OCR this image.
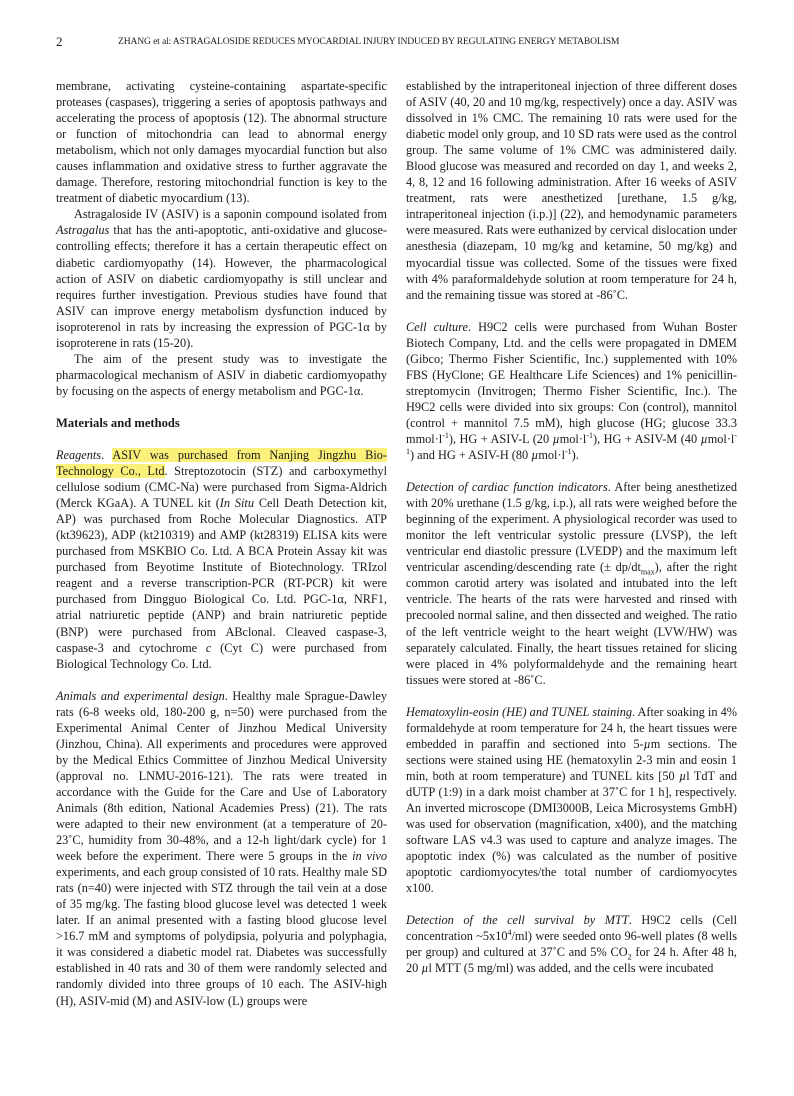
2	ZHANG et al: ASTRAGALOSIDE REDUCES MYOCARDIAL INJURY INDUCED BY REGULATING ENERGY METABOLISM

membrane, activating cysteine-containing aspartate-specific proteases (caspases), triggering a series of apoptosis pathways and accelerating the process of apoptosis (12). The abnormal structure or function of mitochondria can lead to abnormal energy metabolism, which not only damages myocardial function but also causes inflammation and oxidative stress to further aggravate the damage. Therefore, restoring mitochondrial function is key to the treatment of diabetic myocardium (13).

Astragaloside IV (ASIV) is a saponin compound isolated from Astragalus that has the anti-apoptotic, anti-oxidative and glucose-controlling effects; therefore it has a certain therapeutic effect on diabetic cardiomyopathy (14). However, the pharmacological action of ASIV on diabetic cardiomyopathy is still unclear and requires further investigation. Previous studies have found that ASIV can improve energy metabolism dysfunction induced by isoproterenol in rats by increasing the expression of PGC-1α by isoproterene in rats (15-20).

The aim of the present study was to investigate the pharmacological mechanism of ASIV in diabetic cardiomyopathy by focusing on the aspects of energy metabolism and PGC-1α.

Materials and methods

Reagents. ASIV was purchased from Nanjing Jingzhu Bio-Technology Co., Ltd. Streptozotocin (STZ) and carboxymethyl cellulose sodium (CMC-Na) were purchased from Sigma-Aldrich (Merck KGaA). A TUNEL kit (In Situ Cell Death Detection kit, AP) was purchased from Roche Molecular Diagnostics. ATP (kt39623), ADP (kt210319) and AMP (kt28319) ELISA kits were purchased from MSKBIO Co. Ltd. A BCA Protein Assay kit was purchased from Beyotime Institute of Biotechnology. TRIzol reagent and a reverse transcription-PCR (RT-PCR) kit were purchased from Dingguo Biological Co. Ltd. PGC-1α, NRF1, atrial natriuretic peptide (ANP) and brain natriuretic peptide (BNP) were purchased from ABclonal. Cleaved caspase-3, caspase-3 and cytochrome c (Cyt C) were purchased from Biological Technology Co. Ltd.

Animals and experimental design. Healthy male Sprague-Dawley rats (6-8 weeks old, 180-200 g, n=50) were purchased from the Experimental Animal Center of Jinzhou Medical University (Jinzhou, China). All experiments and procedures were approved by the Medical Ethics Committee of Jinzhou Medical University (approval no. LNMU-2016-121). The rats were treated in accordance with the Guide for the Care and Use of Laboratory Animals (8th edition, National Academies Press) (21). The rats were adapted to their new environment (at a temperature of 20-23˚C, humidity from 30-48%, and a 12-h light/dark cycle) for 1 week before the experiment. There were 5 groups in the in vivo experiments, and each group consisted of 10 rats. Healthy male SD rats (n=40) were injected with STZ through the tail vein at a dose of 35 mg/kg. The fasting blood glucose level was detected 1 week later. If an animal presented with a fasting blood glucose level >16.7 mM and symptoms of polydipsia, polyuria and polyphagia, it was considered a diabetic model rat. Diabetes was successfully established in 40 rats and 30 of them were randomly selected and randomly divided into three groups of 10 each. The ASIV-high (H), ASIV-mid (M) and ASIV-low (L) groups were

established by the intraperitoneal injection of three different doses of ASIV (40, 20 and 10 mg/kg, respectively) once a day. ASIV was dissolved in 1% CMC. The remaining 10 rats were used for the diabetic model only group, and 10 SD rats were used as the control group. The same volume of 1% CMC was administered daily. Blood glucose was measured and recorded on day 1, and weeks 2, 4, 8, 12 and 16 following administration. After 16 weeks of ASIV treatment, rats were anesthetized [urethane, 1.5 g/kg, intraperitoneal injection (i.p.)] (22), and hemodynamic parameters were measured. Rats were euthanized by cervical dislocation under anesthesia (diazepam, 10 mg/kg and ketamine, 50 mg/kg) and myocardial tissue was collected. Some of the tissues were fixed with 4% paraformaldehyde solution at room temperature for 24 h, and the remaining tissue was stored at -86˚C.

Cell culture. H9C2 cells were purchased from Wuhan Boster Biotech Company, Ltd. and the cells were propagated in DMEM (Gibco; Thermo Fisher Scientific, Inc.) supplemented with 10% FBS (HyClone; GE Healthcare Life Sciences) and 1% penicillin-streptomycin (Invitrogen; Thermo Fisher Scientific, Inc.). The H9C2 cells were divided into six groups: Con (control), mannitol (control + mannitol 7.5 mM), high glucose (HG; glucose 33.3 $mmol\cdot l^{-1}$), HG + ASIV-L (20 $\mu mol\cdot l^{-1}$), HG + ASIV-M (40 $\mu mol\cdot l^{-1}$) and HG + ASIV-H (80 $\mu mol\cdot l^{-1}$).

Detection of cardiac function indicators. After being anesthetized with 20% urethane (1.5 g/kg, i.p.), all rats were weighed before the beginning of the experiment. A physiological recorder was used to monitor the left ventricular systolic pressure (LVSP), the left ventricular end diastolic pressure (LVEDP) and the maximum left ventricular ascending/descending rate (± $dp/dt_{max}$), after the right common carotid artery was isolated and intubated into the left ventricle. The hearts of the rats were harvested and rinsed with precooled normal saline, and then dissected and weighed. The ratio of the left ventricle weight to the heart weight (LVW/HW) was separately calculated. Finally, the heart tissues retained for slicing were placed in 4% polyformaldehyde and the remaining heart tissues were stored at -86˚C.

Hematoxylin-eosin (HE) and TUNEL staining. After soaking in 4% formaldehyde at room temperature for 24 h, the heart tissues were embedded in paraffin and sectioned into 5-µm sections. The sections were stained using HE (hematoxylin 2-3 min and eosin 1 min, both at room temperature) and TUNEL kits [50 µl TdT and dUTP (1:9) in a dark moist chamber at 37˚C for 1 h], respectively. An inverted microscope (DMI3000B, Leica Microsystems GmbH) was used for observation (magnification, x400), and the matching software LAS v4.3 was used to capture and analyze images. The apoptotic index (%) was calculated as the number of positive apoptotic cardiomyocytes/the total number of cardiomyocytes x100.

Detection of the cell survival by MTT. H9C2 cells (Cell concentration $\sim 5x10^4/ml$) were seeded onto 96-well plates (8 wells per group) and cultured at 37˚C and 5% $CO_2$ for 24 h. After 48 h, 20 µl MTT (5 mg/ml) was added, and the cells were incubated
